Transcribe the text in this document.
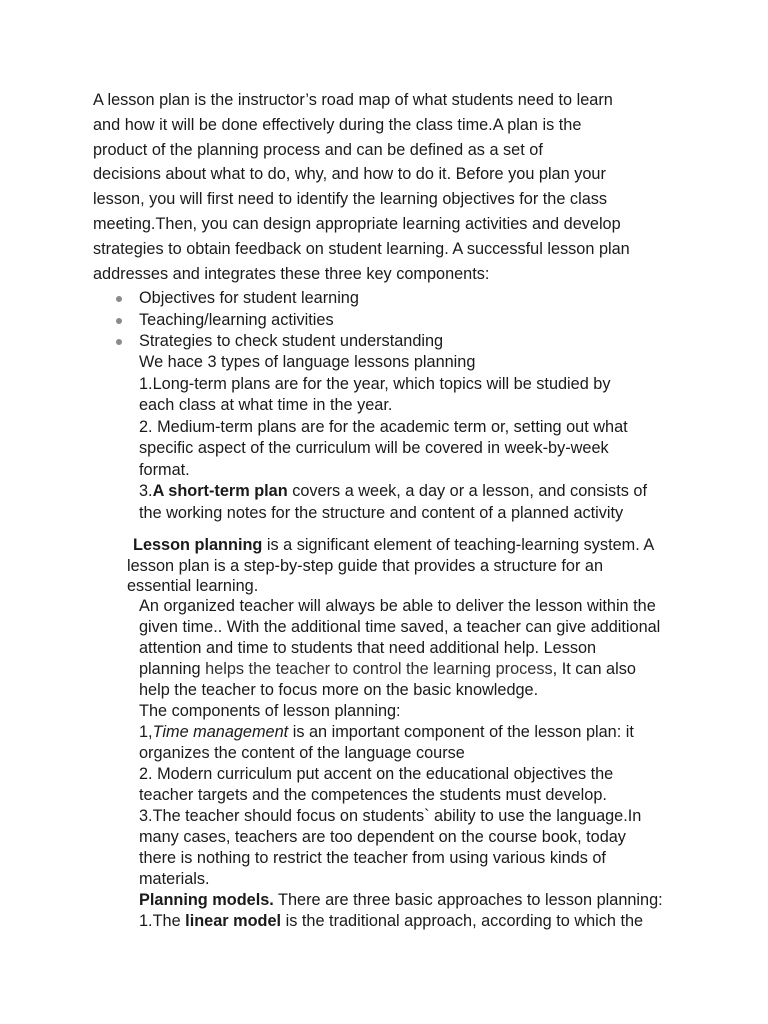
A lesson plan is the instructor’s road map of what students need to learn

and how it will be done effectively during the class time.A plan is the

product of the planning process and can be defined as a set of

decisions about what to do, why, and how to do it. Before you plan your

lesson, you will first need to identify the learning objectives for the class

meeting.Then, you can design appropriate learning activities and develop

strategies to obtain feedback on student learning. A successful lesson plan

addresses and integrates these three key components:

Objectives for student learning
Teaching/learning activities
Strategies to check student understanding

We hace 3 types of language lessons planning

1.Long-term plans are for the year, which topics will be studied by

each class at what time in the year.

2. Medium-term plans are for the academic term or, setting out what

specific aspect of the curriculum will be covered in week-by-week

format.

3.A short-term plan covers a week, a day or a lesson, and consists of

the working notes for the structure and content of a planned activity

Lesson planning is a significant element of teaching-learning system. A

lesson plan is a step-by-step guide that provides a structure for an

essential learning.

An organized teacher will always be able to deliver the lesson within the

given time.. With the additional time saved, a teacher can give additional

attention and time to students that need additional help. Lesson

planning helps the teacher to control the learning process, It can also

help the teacher to focus more on the basic knowledge.

The components of lesson planning:

1,Time management is an important component of the lesson plan: it

organizes the content of the language course

2. Modern curriculum put accent on the educational objectives the

teacher targets and the competences the students must develop.

3.The teacher should focus on students` ability to use the language.In

many cases, teachers are too dependent on the course book, today

there is nothing to restrict the teacher from using various kinds of

materials.

Planning models. There are three basic approaches to lesson planning:

1.The linear model is the traditional approach, according to which the
